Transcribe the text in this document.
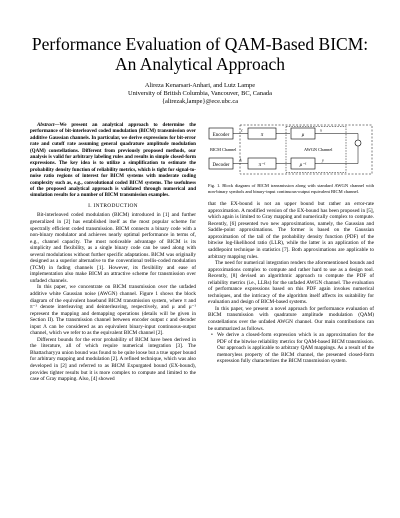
Performance Evaluation of QAM-Based BICM: An Analytical Approach
Alireza Kenarsari-Anhari, and Lutz Lampe
University of British Columbia, Vancouver, BC, Canada
{alirezak,lampe}@ece.ubc.ca

Abstract—We present an analytical approach to determine the performance of bit-interleaved coded modulation (BICM) transmission over additive Gaussian channels. In particular, we derive expressions for bit-error rate and cutoff rate assuming general quadrature amplitude modulation (QAM) constellations. Different from previously proposed methods, our analysis is valid for arbitrary labeling rules and results in simple closed-form expressions. The key idea is to utilize a simplification to estimate the probability density function of reliability metrics, which is tight for signal-to-noise ratio regions of interest for BICM systems with moderate coding complexity such as, e.g., convolutional coded BICM systems. The usefulness of the proposed analytical approach is validated through numerical and simulation results for a number of BICM transmission examples.

I. INTRODUCTION

Bit-interleaved coded modulation (BICM) introduced in [1] and further generalized in [2] has established itself as the most popular scheme for spectrally efficient coded transmission. BICM connects a binary code with a non-binary modulator and achieves nearly optimal performance in terms of, e.g., channel capacity. The most noticeable advantage of BICM is its simplicity and flexibility, as a single binary code can be used along with several modulations without further specific adaptations. BICM was originally designed as a superior alternative to the conventional trellis-coded modulation (TCM) in fading channels [1]. However, its flexibility and ease of implementation also make BICM an attractive scheme for transmission over unfaded channels.

In this paper, we concentrate on BICM transmission over the unfaded additive white Gaussian noise (AWGN) channel. Figure 1 shows the block diagram of the equivalent baseband BICM transmission system, where π and π⁻¹ denote interleaving and deinterleaving, respectively, and μ and μ⁻¹ represent the mapping and demapping operations (details will be given in Section II). The transmission channel between encoder output c and decoder input Λ can be considered as an equivalent binary-input continuous-output channel, which we refer to as the equivalent BICM channel [2].

Different bounds for the error probability of BICM have been derived in the literature, all of which require numerical integration [3]. The Bhattacharyya union bound was found to be quite loose but a true upper bound for arbitrary mapping and modulation [2]. A refined technique, which was also developed in [2] and referred to as BICM Expurgated bound (EX-bound), provides tighter results but it is more complex to compute and limited to the case of Gray mapping. Also, [4] showed

Encoder
c
π	μ
x
y
μ⁻¹
π⁻¹
Λ
Decoder
BICM Channel	AWGN Channel

Fig. 1. Block diagram of BICM transmission along with standard AWGN channel with non-binary symbols and binary-input continuous-output equivalent BICM channel.

that the EX-bound is not an upper bound but rather an error-rate approximation. A modified version of the EX-bound has been proposed in [5], which again is limited to Gray mapping and numerically complex to compute. Recently, [6] presented two new approximations, namely, the Gaussian and Saddle-point approximations. The former is based on the Gaussian approximation of the tail of the probability density function (PDF) of the bitwise log-likelihood ratio (LLR), while the latter is an application of the saddlepoint technique in statistics [7]. Both approximations are applicable to arbitrary mapping rules.

The need for numerical integration renders the aforementioned bounds and approximations complex to compute and rather hard to use as a design tool. Recently, [8] devised an algorithmic approach to compute the PDF of reliability metrics (i.e., LLRs) for the unfaded AWGN channel. The evaluation of performance expressions based on this PDF again invokes numerical techniques, and the intricacy of the algorithm itself affects its suitability for evaluation and design of BICM-based systems.

In this paper, we present a novel approach for performance evaluation of BICM transmission with quadrature amplitude modulation (QAM) constellations over the unfaded AWGN channel. Our main contributions can be summarized as follows.

• We derive a closed-form expression which is an approximation for the PDF of the bitwise reliability metrics for QAM-based BICM transmission. Our approach is applicable to arbitrary QAM mappings. As a result of the memoryless property of the BICM channel, the presented closed-form expression fully characterizes the BICM transmission system.
